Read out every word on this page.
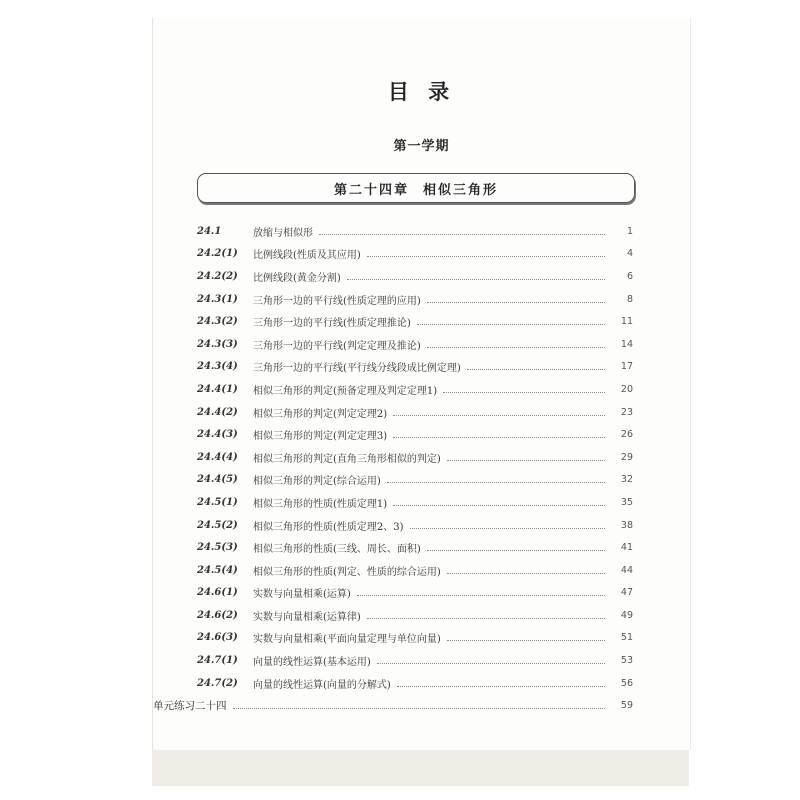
目 录
第一学期
第二十四章 相似三角形
24.1	放缩与相似形	1
24.2(1)	比例线段(性质及其应用)	4
24.2(2)	比例线段(黄金分割)	6
24.3(1)	三角形一边的平行线(性质定理的应用)	8
24.3(2)	三角形一边的平行线(性质定理推论)	11
24.3(3)	三角形一边的平行线(判定定理及推论)	14
24.3(4)	三角形一边的平行线(平行线分线段成比例定理)	17
24.4(1)	相似三角形的判定(预备定理及判定定理1)	20
24.4(2)	相似三角形的判定(判定定理2)	23
24.4(3)	相似三角形的判定(判定定理3)	26
24.4(4)	相似三角形的判定(直角三角形相似的判定)	29
24.4(5)	相似三角形的判定(综合运用)	32
24.5(1)	相似三角形的性质(性质定理1)	35
24.5(2)	相似三角形的性质(性质定理2、3)	38
24.5(3)	相似三角形的性质(三线、周长、面积)	41
24.5(4)	相似三角形的性质(判定、性质的综合运用)	44
24.6(1)	实数与向量相乘(运算)	47
24.6(2)	实数与向量相乘(运算律)	49
24.6(3)	实数与向量相乘(平面向量定理与单位向量)	51
24.7(1)	向量的线性运算(基本运用)	53
24.7(2)	向量的线性运算(向量的分解式)	56
单元练习二十四	59
